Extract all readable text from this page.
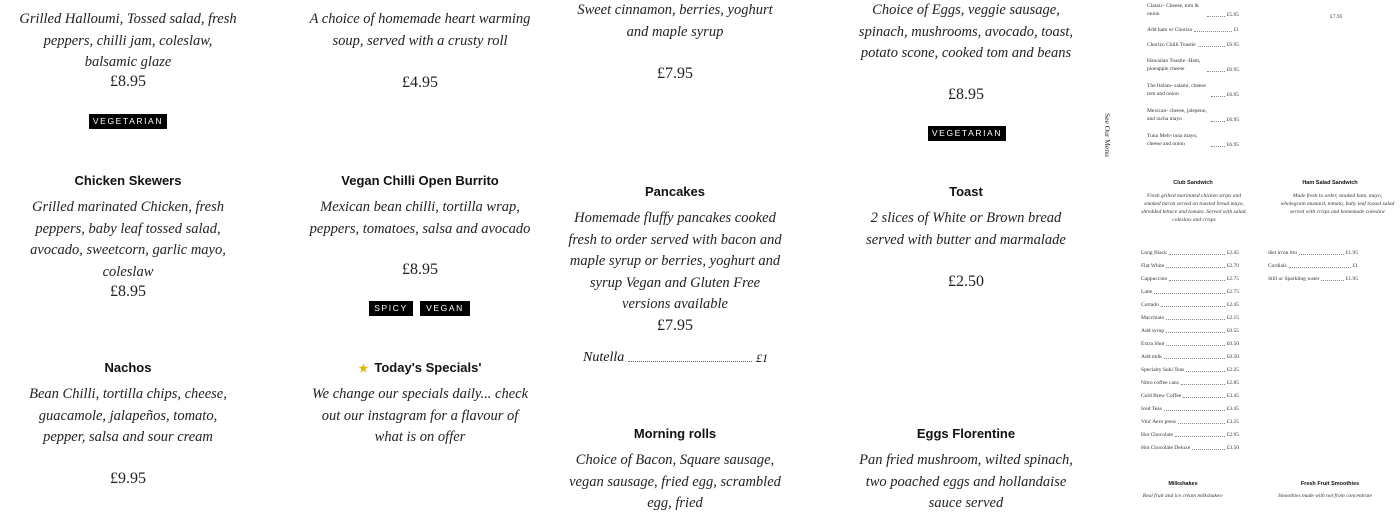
Grilled Halloumi, Tossed salad, fresh peppers, chilli jam, coleslaw, balsamic glaze
£8.95
VEGETARIAN
Chicken Skewers
Grilled marinated Chicken, fresh peppers, baby leaf tossed salad, avocado, sweetcorn, garlic mayo, coleslaw
£8.95
Nachos
Bean Chilli, tortilla chips, cheese, guacamole, jalapeños, tomato, pepper, salsa and sour cream
£9.95
A choice of homemade heart warming soup, served with a crusty roll
£4.95
Vegan Chilli Open Burrito
Mexican bean chilli, tortilla wrap, peppers, tomatoes, salsa and avocado
£8.95
SPICY	VEGAN
★ Today's Specials'
We change our specials daily... check out our instagram for a flavour of what is on offer
Sweet cinnamon, berries, yoghurt and maple syrup
£7.95
Pancakes
Homemade fluffy pancakes cooked fresh to order served with bacon and maple syrup or berries, yoghurt and syrup Vegan and Gluten Free versions available
£7.95
Nutella	£1
Morning rolls
Choice of Bacon, Square sausage, vegan sausage, fried egg, scrambled egg, fried
Choice of Eggs, veggie sausage, spinach, mushrooms, avocado, toast, potato scone, cooked tom and beans
£8.95
VEGETARIAN
Toast
2 slices of White or Brown bread served with butter and marmalade
£2.50
Eggs Florentine
Pan fried mushroom, wilted spinach, two poached eggs and hollandaise sauce served
See Our Menu
Classic- Cheese, tom & onion	£5.95
Add ham or Chorizo	£1
Chorizo Chilli Toastie	£6.95
Hawaiian Toastie -Ham, pineapple cheese	£6.95
The Italian- salami, cheese tom and onion	£6.95
Mexican- cheese, jalepeno, and racha mayo	£6.95
Tuna Melt- tuna mayo, cheese and onion	£6.95
£7.95
Club Sandwich
Fresh grilled marinated chicken strips and smoked bacon served on toasted bread mayo, shredded lettuce and tomato. Served with salad, coleslaw and crisps
Ham Salad Sandwich
Made fresh to order, smoked ham, mayo, wholegrain mustard, tomato, baby leaf tossed salad served with crisps and homemade coleslaw
Long Black	£2.45
Flat White	£2.70
Cappuccino	£2.75
Latte	£2.75
Cortado	£2.45
Macchiato	£2.15
Add syrup	£0.55
Extra Shot	£0.50
Add milk	£0.50
Specialty Suki Teas	£2.25
Nitro coffee cans	£2.85
Cold Brew Coffee	£3.45
Iced Teas	£3.45
Vita' Aero press	£3.25
Hot Chocolate	£2.95
Hot Chocolate Deluxe	£3.50
diet irron bru	£1.95
Cordials	£1
Still or Sparkling water	£1.95
Milkshakes
Real fruit and ice cream milkshakes-
Fresh Fruit Smoothies
Smoothies made with not from concentrate
